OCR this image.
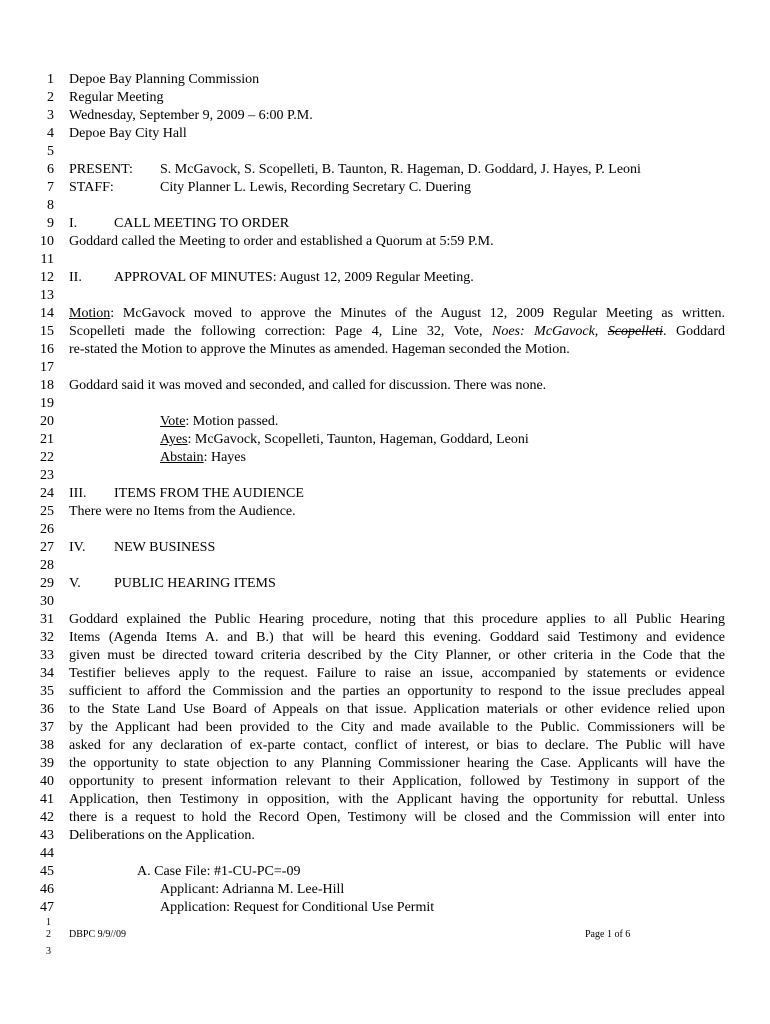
1 Depoe Bay Planning Commission
2 Regular Meeting
3 Wednesday, September 9, 2009 – 6:00 P.M.
4 Depoe Bay City Hall
5
6 PRESENT: S. McGavock, S. Scopelleti, B. Taunton, R. Hageman, D. Goddard, J. Hayes, P. Leoni
7 STAFF:	City Planner L. Lewis, Recording Secretary C. Duering
8
9 I.	CALL MEETING TO ORDER
10 Goddard called the Meeting to order and established a Quorum at 5:59 P.M.
11
12 II. APPROVAL OF MINUTES: August 12, 2009 Regular Meeting.
13
14 Motion: McGavock moved to approve the Minutes of the August 12, 2009 Regular Meeting as written.
15 Scopelleti made the following correction: Page 4, Line 32, Vote, Noes: McGavock, Scopelleti. Goddard
16 re-stated the Motion to approve the Minutes as amended. Hageman seconded the Motion.
17
18 Goddard said it was moved and seconded, and called for discussion. There was none.
19
20	Vote: Motion passed.
21	Ayes: McGavock, Scopelleti, Taunton, Hageman, Goddard, Leoni
22	Abstain: Hayes
23
24 III. ITEMS FROM THE AUDIENCE
25 There were no Items from the Audience.
26
27 IV. NEW BUSINESS
28
29 V. PUBLIC HEARING ITEMS
30
31 Goddard explained the Public Hearing procedure, noting that this procedure applies to all Public Hearing
32 Items (Agenda Items A. and B.) that will be heard this evening. Goddard said Testimony and evidence
33 given must be directed toward criteria described by the City Planner, or other criteria in the Code that the
34 Testifier believes apply to the request. Failure to raise an issue, accompanied by statements or evidence
35 sufficient to afford the Commission and the parties an opportunity to respond to the issue precludes appeal
36 to the State Land Use Board of Appeals on that issue. Application materials or other evidence relied upon
37 by the Applicant had been provided to the City and made available to the Public. Commissioners will be
38 asked for any declaration of ex-parte contact, conflict of interest, or bias to declare. The Public will have
39 the opportunity to state objection to any Planning Commissioner hearing the Case. Applicants will have the
40 opportunity to present information relevant to their Application, followed by Testimony in support of the
41 Application, then Testimony in opposition, with the Applicant having the opportunity for rebuttal. Unless
42 there is a request to hold the Record Open, Testimony will be closed and the Commission will enter into
43 Deliberations on the Application.
44
45	A. Case File: #1-CU-PC=-09
46	Applicant: Adrianna M. Lee-Hill
47	Application: Request for Conditional Use Permit
1
2 DBPC 9/9//09	Page 1 of 6
3
